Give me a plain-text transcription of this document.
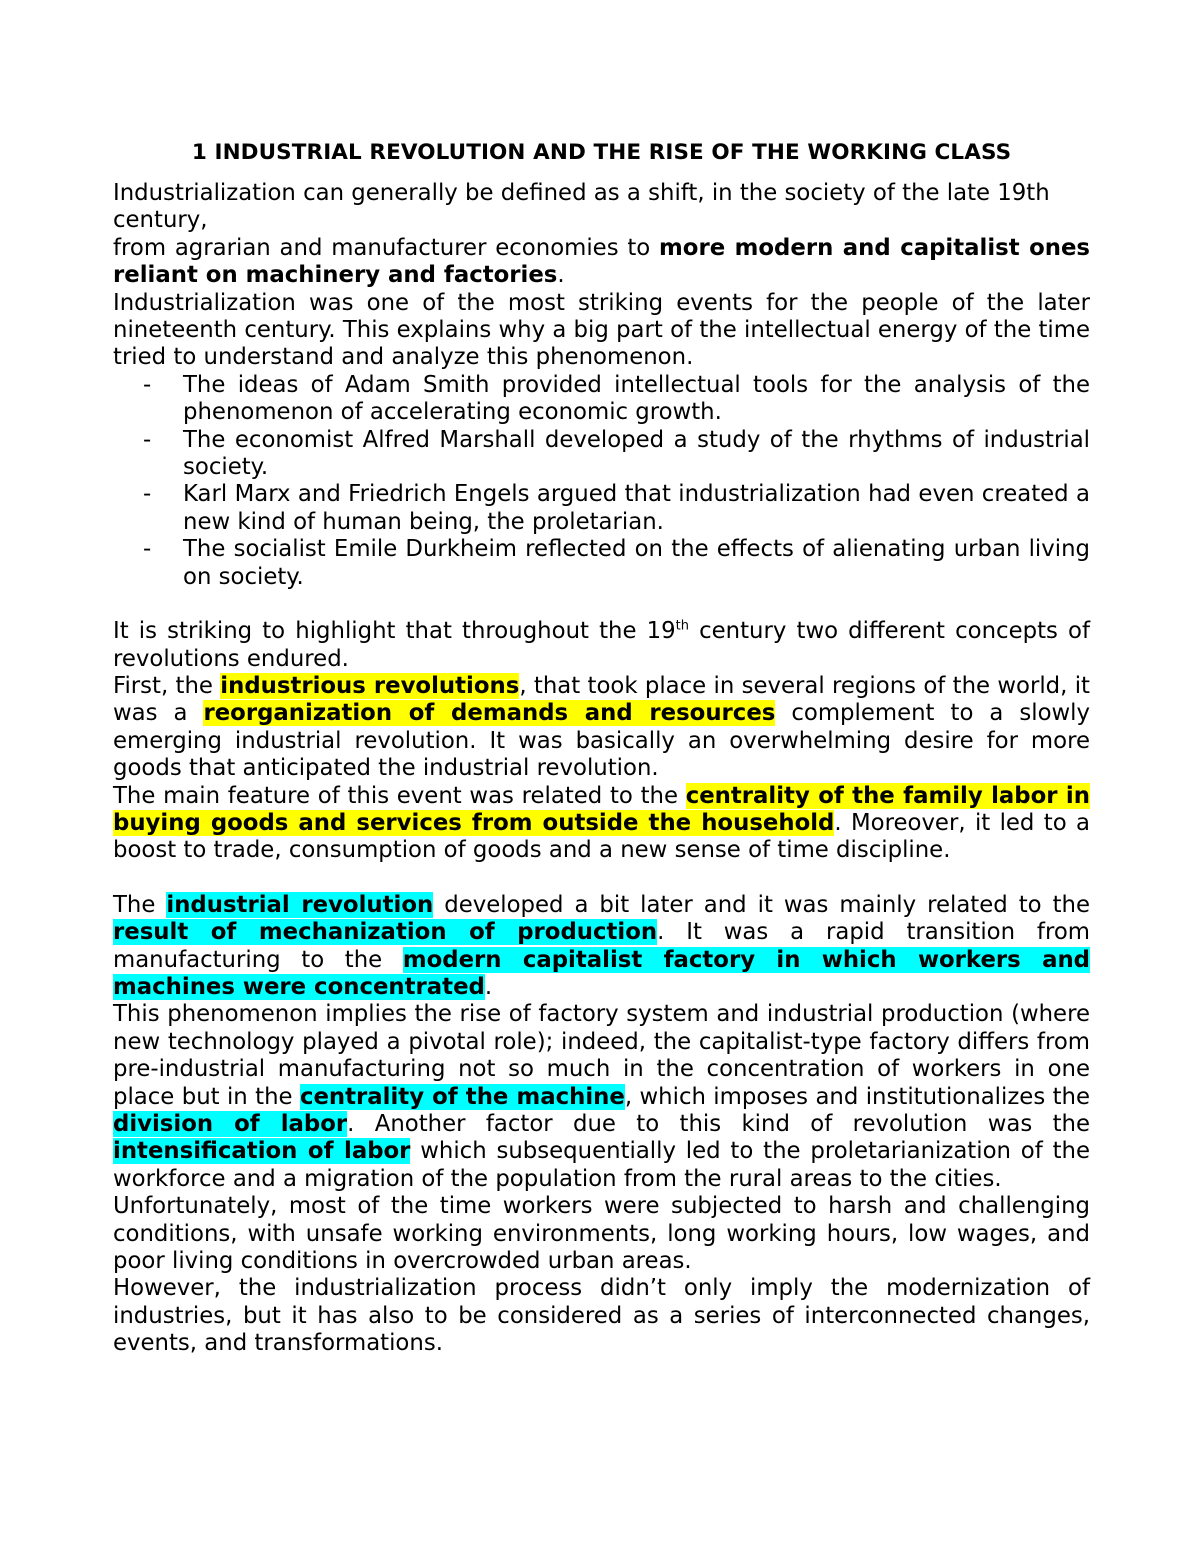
1 INDUSTRIAL REVOLUTION AND THE RISE OF THE WORKING CLASS

Industrialization can generally be defined as a shift, in the society of the late 19th century,

from agrarian and manufacturer economies to more modern and capitalist ones reliant on machinery and factories.

Industrialization was one of the most striking events for the people of the later nineteenth century. This explains why a big part of the intellectual energy of the time tried to understand and analyze this phenomenon.

- The ideas of Adam Smith provided intellectual tools for the analysis of the phenomenon of accelerating economic growth.
- The economist Alfred Marshall developed a study of the rhythms of industrial society.
- Karl Marx and Friedrich Engels argued that industrialization had even created a new kind of human being, the proletarian.
- The socialist Emile Durkheim reflected on the effects of alienating urban living on society.

It is striking to highlight that throughout the 19th century two different concepts of revolutions endured.

First, the industrious revolutions, that took place in several regions of the world, it was a reorganization of demands and resources complement to a slowly emerging industrial revolution. It was basically an overwhelming desire for more goods that anticipated the industrial revolution.

The main feature of this event was related to the centrality of the family labor in buying goods and services from outside the household. Moreover, it led to a boost to trade, consumption of goods and a new sense of time discipline.

The industrial revolution developed a bit later and it was mainly related to the result of mechanization of production. It was a rapid transition from manufacturing to the modern capitalist factory in which workers and machines were concentrated.

This phenomenon implies the rise of factory system and industrial production (where new technology played a pivotal role); indeed, the capitalist-type factory differs from pre-industrial manufacturing not so much in the concentration of workers in one place but in the centrality of the machine, which imposes and institutionalizes the division of labor. Another factor due to this kind of revolution was the intensification of labor which subsequentially led to the proletarianization of the workforce and a migration of the population from the rural areas to the cities.

Unfortunately, most of the time workers were subjected to harsh and challenging conditions, with unsafe working environments, long working hours, low wages, and poor living conditions in overcrowded urban areas.

However, the industrialization process didn’t only imply the modernization of industries, but it has also to be considered as a series of interconnected changes, events, and transformations.
